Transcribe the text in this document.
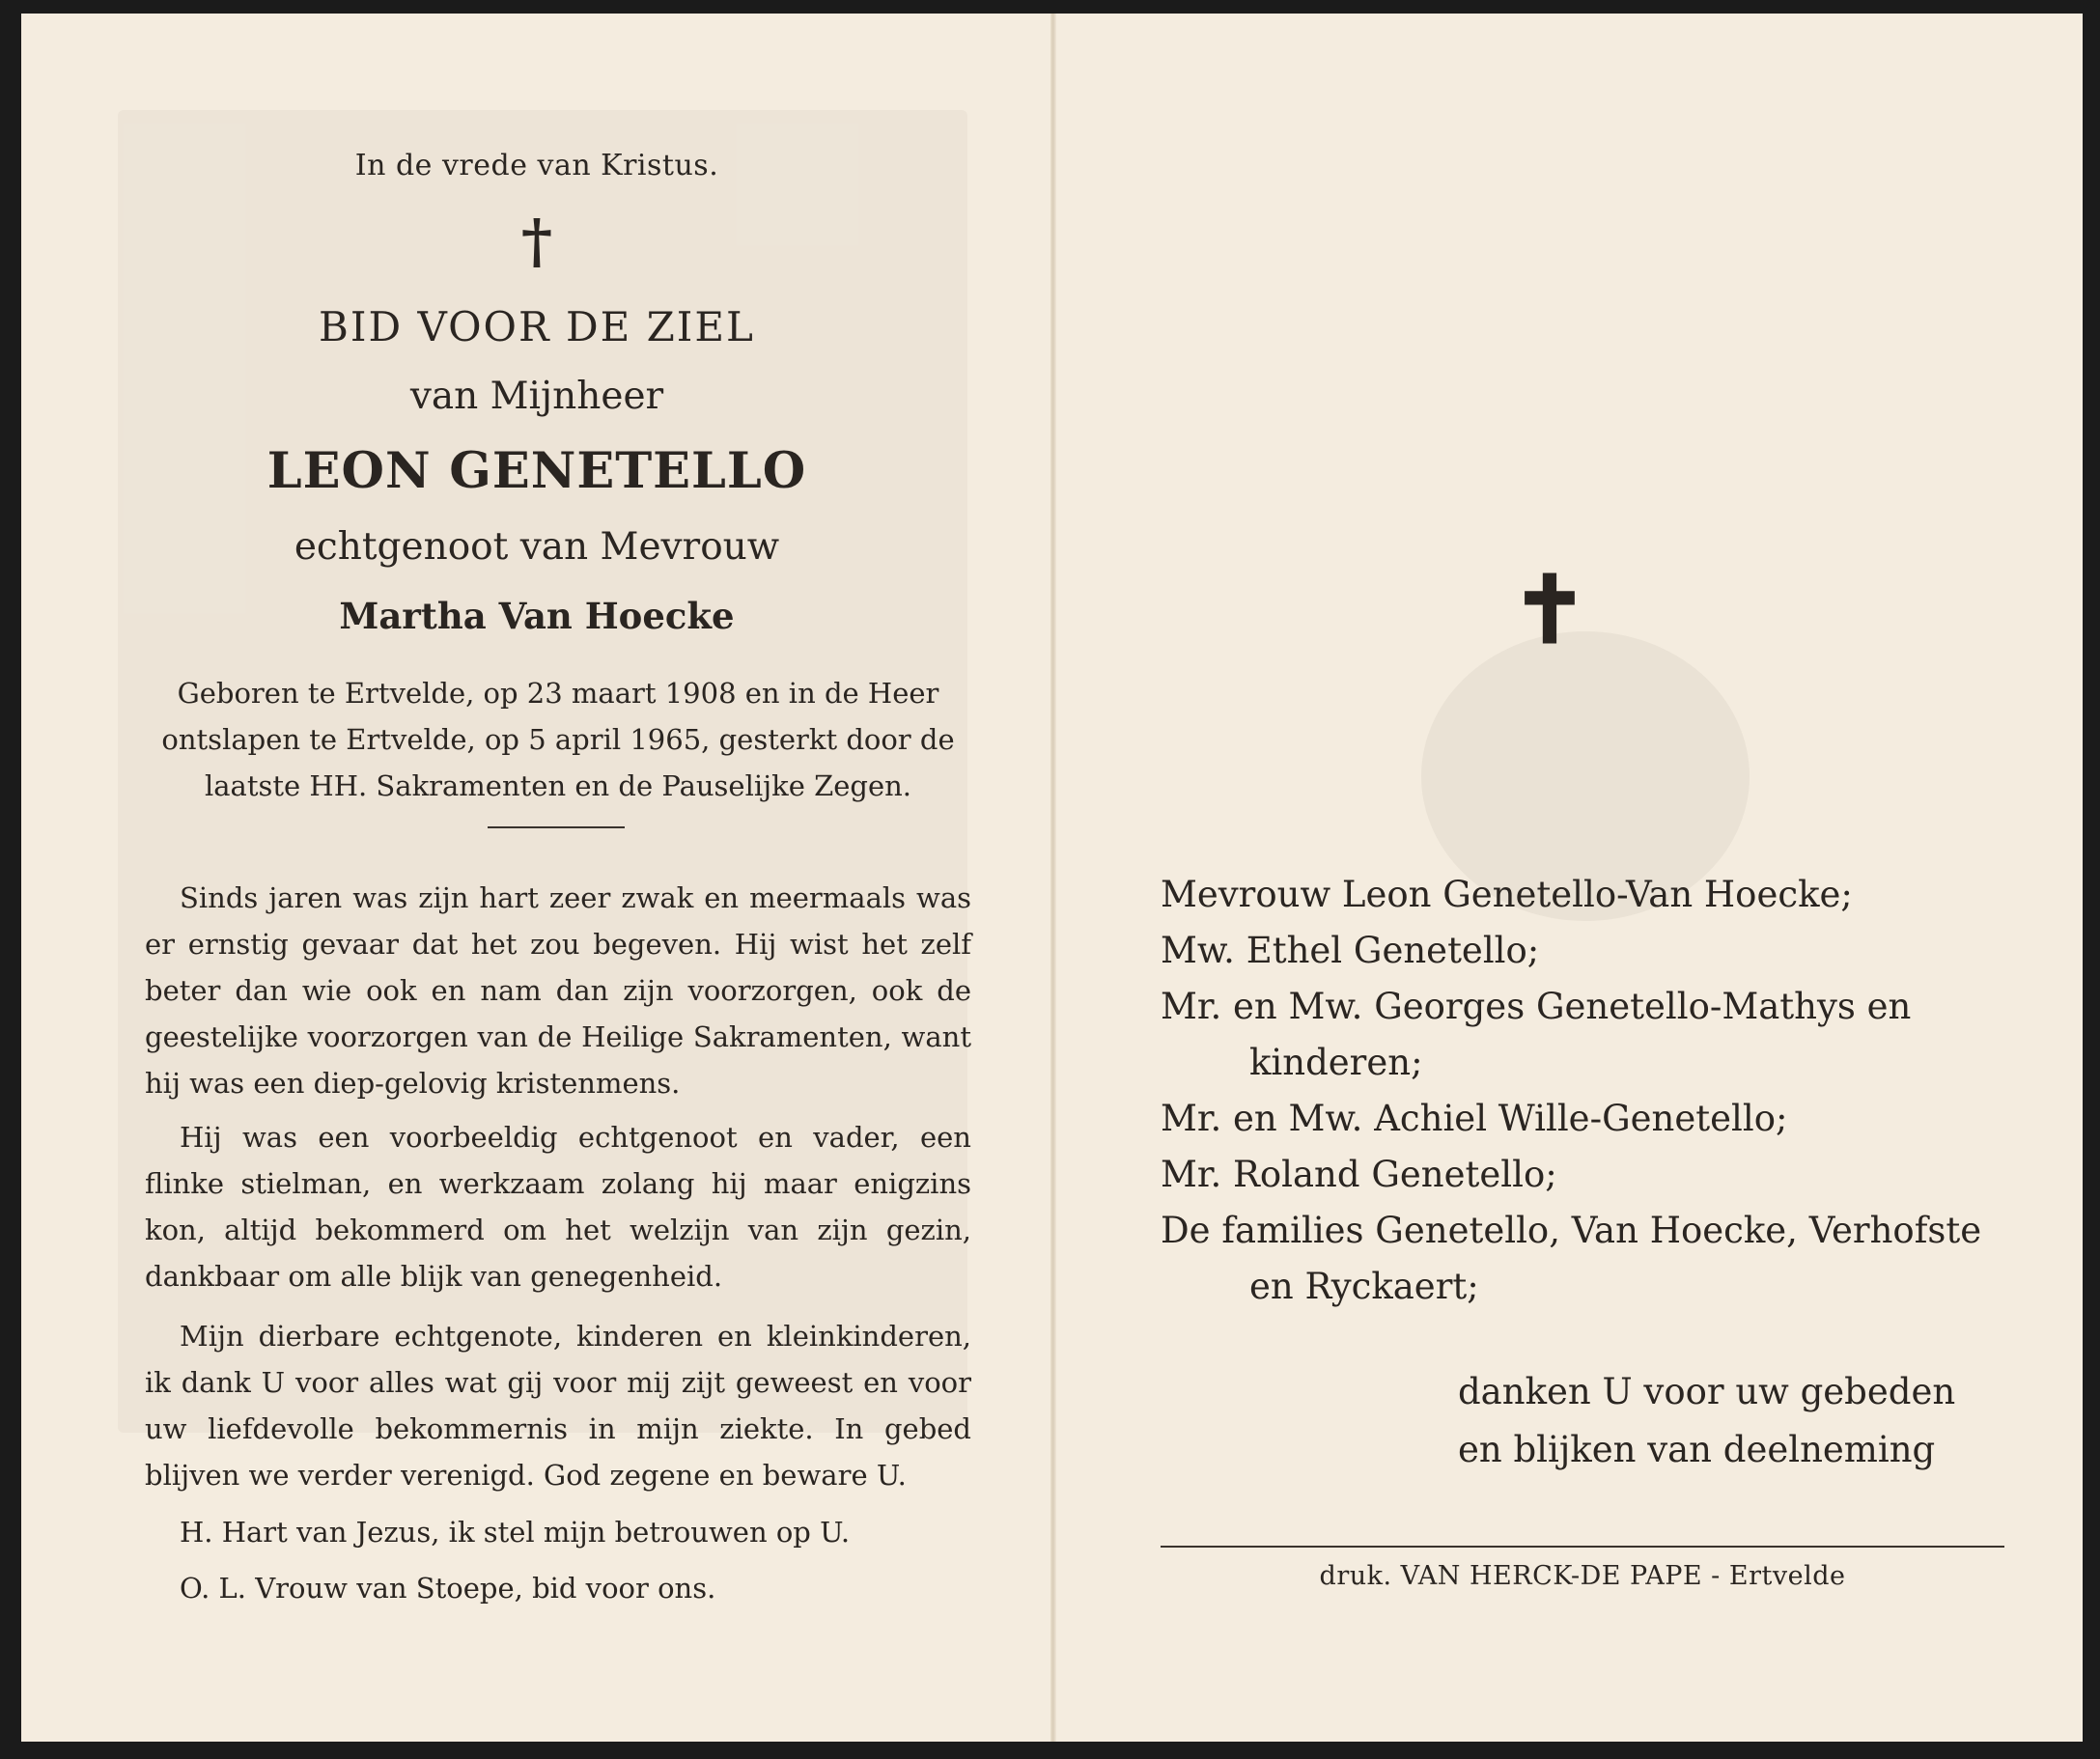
In de vrede van Kristus.
†
BID VOOR DE ZIEL
van Mijnheer
LEON GENETELLO
echtgenoot van Mevrouw
Martha Van Hoecke
Geboren te Ertvelde, op 23 maart 1908 en in de Heer
ontslapen te Ertvelde, op 5 april 1965, gesterkt door de
laatste HH. Sakramenten en de Pauselijke Zegen.

Sinds jaren was zijn hart zeer zwak en meermaals was er ernstig gevaar dat het zou begeven. Hij wist het zelf beter dan wie ook en nam dan zijn voorzorgen, ook de geestelijke voorzorgen van de Heilige Sakramenten, want hij was een diep-gelovig kristenmens.

Hij was een voorbeeldig echtgenoot en vader, een flinke stielman, en werkzaam zolang hij maar enigzins kon, altijd bekommerd om het welzijn van zijn gezin, dankbaar om alle blijk van genegenheid.

Mijn dierbare echtgenote, kinderen en kleinkinderen, ik dank U voor alles wat gij voor mij zijt geweest en voor uw liefdevolle bekommernis in mijn ziekte. In gebed blijven we verder verenigd. God zegene en beware U.

H. Hart van Jezus, ik stel mijn betrouwen op U.
O. L. Vrouw van Stoepe, bid voor ons.
✝
Mevrouw Leon Genetello-Van Hoecke;
Mw. Ethel Genetello;
Mr. en Mw. Georges Genetello-Mathys en
kinderen;
Mr. en Mw. Achiel Wille-Genetello;
Mr. Roland Genetello;
De families Genetello, Van Hoecke, Verhofste
en Ryckaert;
danken U voor uw gebeden
en blijken van deelneming
druk. VAN HERCK-DE PAPE - Ertvelde
